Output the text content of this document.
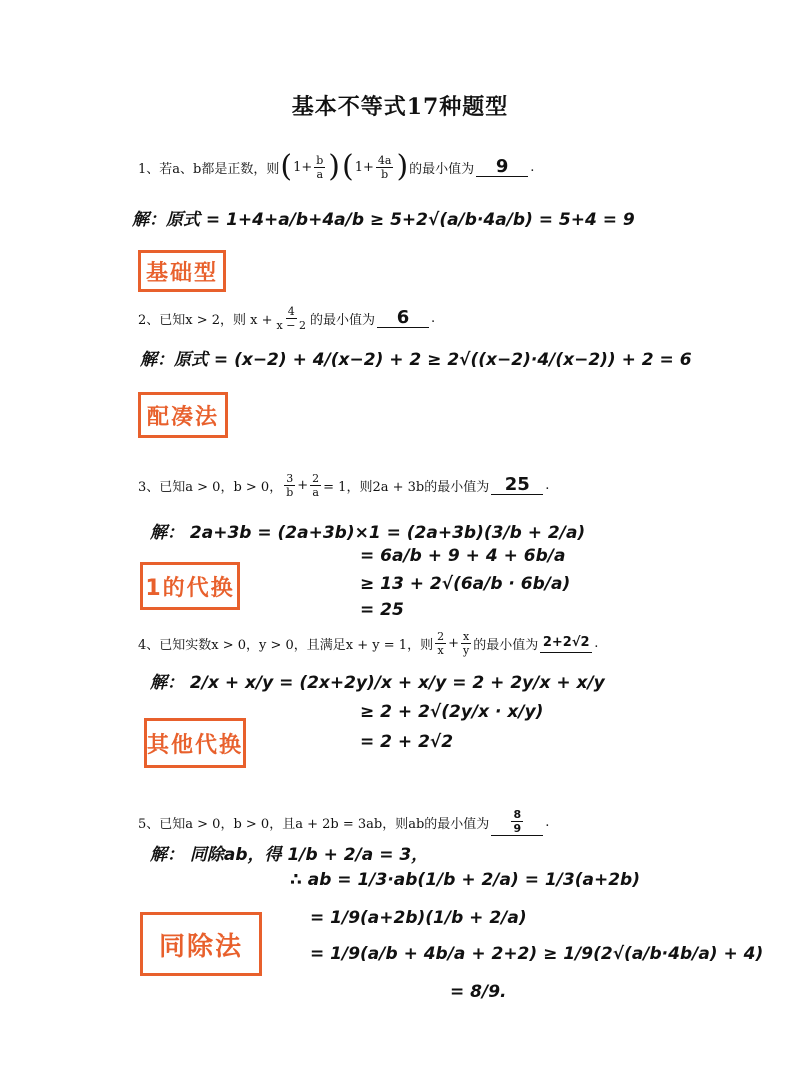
基本不等式17种题型
1、若a、b都是正数，则 ( $1+ \frac{b}{a}$ ) ( $1+ \frac{4a}{b}$ ) 的最小值为	9	.
解：原式 = 1+4+a/b+4a/b ≥ 5+2√(a/b·4a/b) = 5+4 = 9
基础型
2、已知x > 2，则 $x + \frac{4}{x - 2}$ 的最小值为	6	.
解：原式 = (x−2) + 4/(x−2) + 2 ≥ 2√((x−2)·4/(x−2)) + 2 = 6
配凑法
3、已知a > 0，b > 0， $\frac{3}{b} + \frac{2}{a} = 1$，则2a + 3b的最小值为 25	.
解： 2a+3b = (2a+3b)×1 = (2a+3b)(3/b + 2/a)
= 6a/b + 9 + 4 + 6b/a
≥ 13 + 2√(6a/b · 6b/a)
= 25
1的代换
4、已知实数x > 0，y > 0，且满足x + y = 1，则 $\frac{2}{x} + \frac{x}{y}$ 的最小值为 2+2√2 .
解： 2/x + x/y = (2x+2y)/x + x/y = 2 + 2y/x + x/y
≥ 2 + 2√(2y/x · x/y)
= 2 + 2√2
其他代换
5、已知a > 0，b > 0，且a + 2b = 3ab，则ab的最小值为 $\frac{8}{9}$ .
解： 同除ab，得 1/b + 2/a = 3，
∴ ab = 1/3·ab(1/b + 2/a) = 1/3(a+2b)
= 1/9(a+2b)(1/b + 2/a)
= 1/9(a/b + 4b/a + 2+2) ≥ 1/9(2√(a/b·4b/a) + 4)
= 8/9.
同除法
